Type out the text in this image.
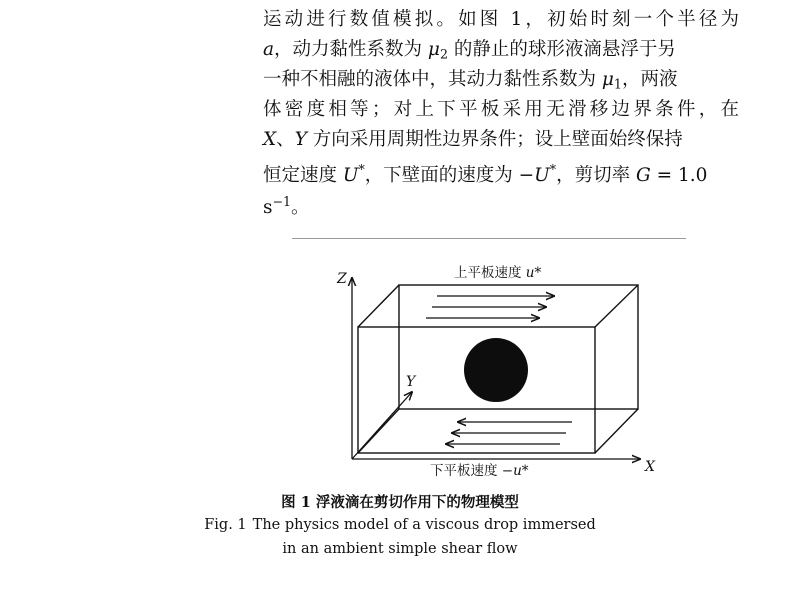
运动进行数值模拟。如图 1，初始时刻一个半径为
a，动力黏性系数为 $\mu_2$ 的静止的球形液滴悬浮于另
一种不相融的液体中，其动力黏性系数为 $\mu_1$，两液
体密度相等；对上下平板采用无滑移边界条件，在
X、Y 方向采用周期性边界条件；设上壁面始终保持
恒定速度 U*，下壁面的速度为 −U*，剪切率 G = 1.0
$s^{-1}$。
Z
Y
X
上平板速度 u*
下平板速度 −u*
图 1 浮液滴在剪切作用下的物理模型
Fig. 1 The physics model of a viscous drop immersed
in an ambient simple shear flow
